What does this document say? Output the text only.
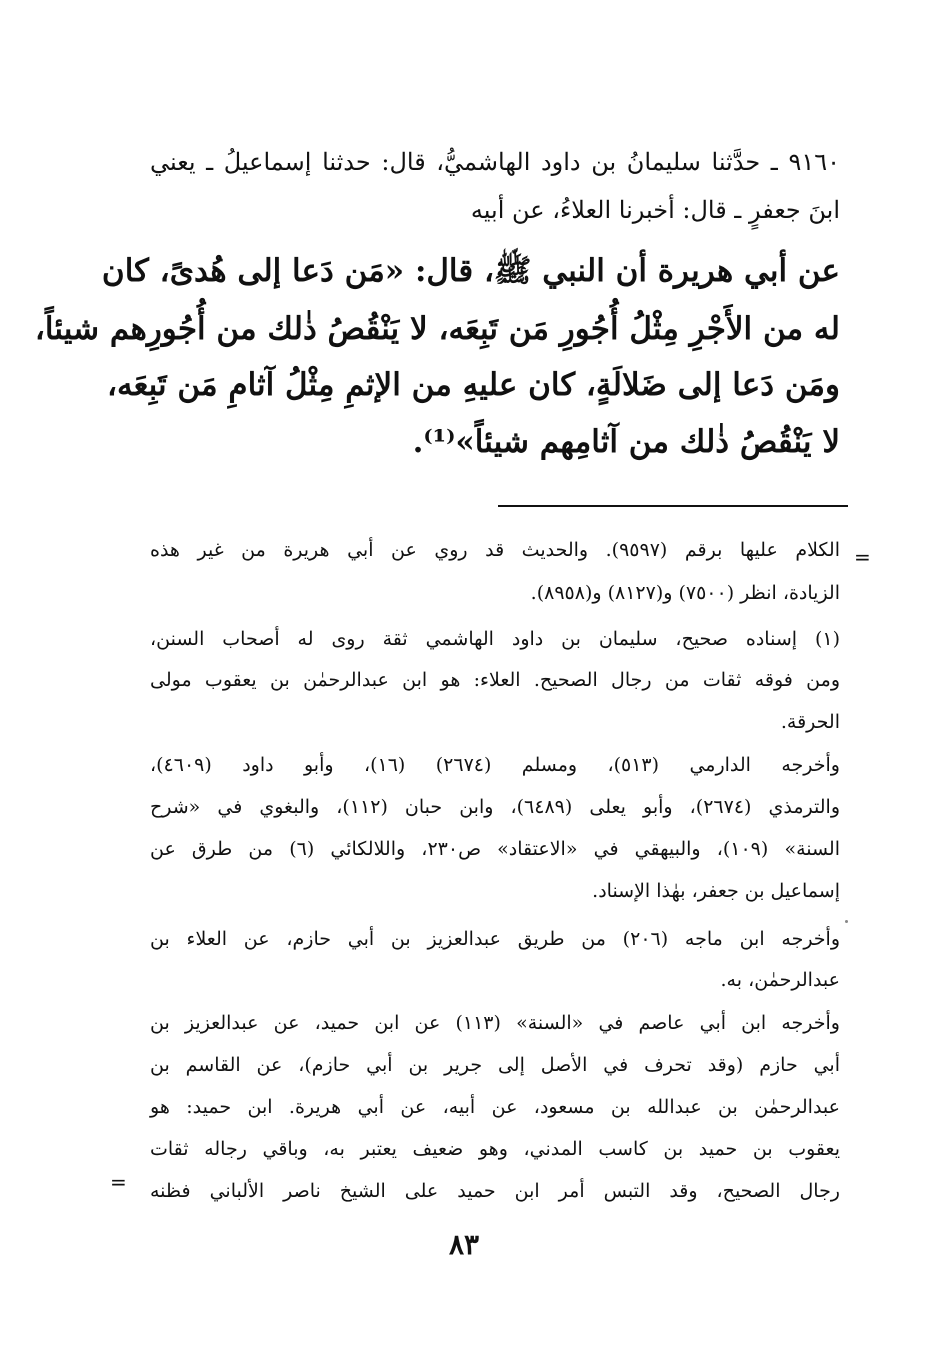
٩١٦٠ ـ حدَّثنا سليمانُ بن داود الهاشميُّ، قال: حدثنا إسماعيلُ ـ يعني
ابنَ جعفرٍ ـ قال: أخبرنا العلاءُ، عن أبيه
عن أبي هريرة أن النبي ﷺ، قال: «مَن دَعا إلى هُدىً، كان
له من الأَجْرِ مِثْلُ أُجُورِ مَن تَبِعَه، لا يَنْقُصُ ذٰلك من أُجُورِهم شيئاً،
ومَن دَعا إلى ضَلالَةٍ، كان عليهِ من الإثمِ مِثْلُ آثامِ مَن تَبِعَه،
لا يَنْقُصُ ذٰلك من آثامِهم شيئاً»⁽¹⁾.
=
الكلام عليها برقم (٩٥٩٧). والحديث قد روي عن أبي هريرة من غير هذه
الزيادة، انظر (٧٥٠٠) و(٨١٢٧) و(٨٩٥٨).
(١) إسناده صحيح، سليمان بن داود الهاشمي ثقة روى له أصحاب السنن،
ومن فوقه ثقات من رجال الصحيح. العلاء: هو ابن عبدالرحمٰن بن يعقوب مولى
الحرقة.
وأخرجه الدارمي (٥١٣)، ومسلم (٢٦٧٤) (١٦)، وأبو داود (٤٦٠٩)،
والترمذي (٢٦٧٤)، وأبو يعلى (٦٤٨٩)، وابن حبان (١١٢)، والبغوي في «شرح
السنة» (١٠٩)، والبيهقي في «الاعتقاد» ص٢٣٠، واللالكائي (٦) من طرق عن
إسماعيل بن جعفر، بهٰذا الإسناد.
وأخرجه ابن ماجه (٢٠٦) من طريق عبدالعزيز بن أبي حازم، عن العلاء بن
عبدالرحمٰن، به.
وأخرجه ابن أبي عاصم في «السنة» (١١٣) عن ابن حميد، عن عبدالعزيز بن
أبي حازم (وقد تحرف في الأصل إلى جرير بن أبي حازم)، عن القاسم بن
عبدالرحمٰن بن عبدالله بن مسعود، عن أبيه، عن أبي هريرة. ابن حميد: هو
يعقوب بن حميد بن كاسب المدني، وهو ضعيف يعتبر به، وباقي رجاله ثقات
رجال الصحيح، وقد التبس أمر ابن حميد على الشيخ ناصر الألباني فظنه
=
٨٣
